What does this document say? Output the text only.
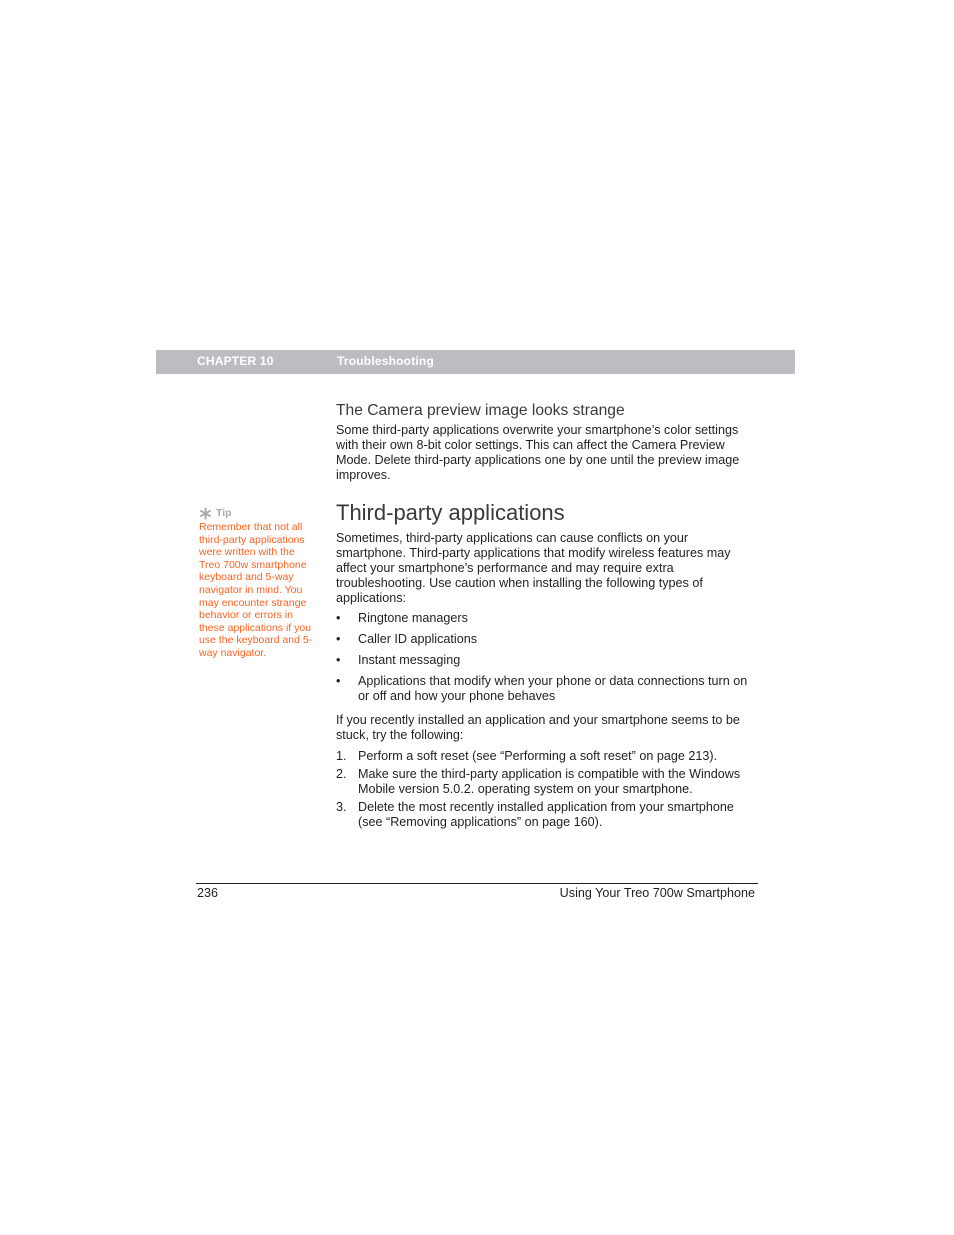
CHAPTER 10	Troubleshooting
The Camera preview image looks strange
Some third-party applications overwrite your smartphone’s color settings with their own 8-bit color settings. This can affect the Camera Preview Mode. Delete third-party applications one by one until the preview image improves.
Tip
Remember that not all third-party applications were written with the Treo 700w smartphone keyboard and 5-way navigator in mind. You may encounter strange behavior or errors in these applications if you use the keyboard and 5-way navigator.
Third-party applications
Sometimes, third-party applications can cause conflicts on your smartphone. Third-party applications that modify wireless features may affect your smartphone’s performance and may require extra troubleshooting. Use caution when installing the following types of applications:
• Ringtone managers
• Caller ID applications
• Instant messaging
• Applications that modify when your phone or data connections turn on or off and how your phone behaves
If you recently installed an application and your smartphone seems to be stuck, try the following:
1. Perform a soft reset (see “Performing a soft reset” on page 213).
2. Make sure the third-party application is compatible with the Windows Mobile version 5.0.2. operating system on your smartphone.
3. Delete the most recently installed application from your smartphone (see “Removing applications” on page 160).
236	Using Your Treo 700w Smartphone
